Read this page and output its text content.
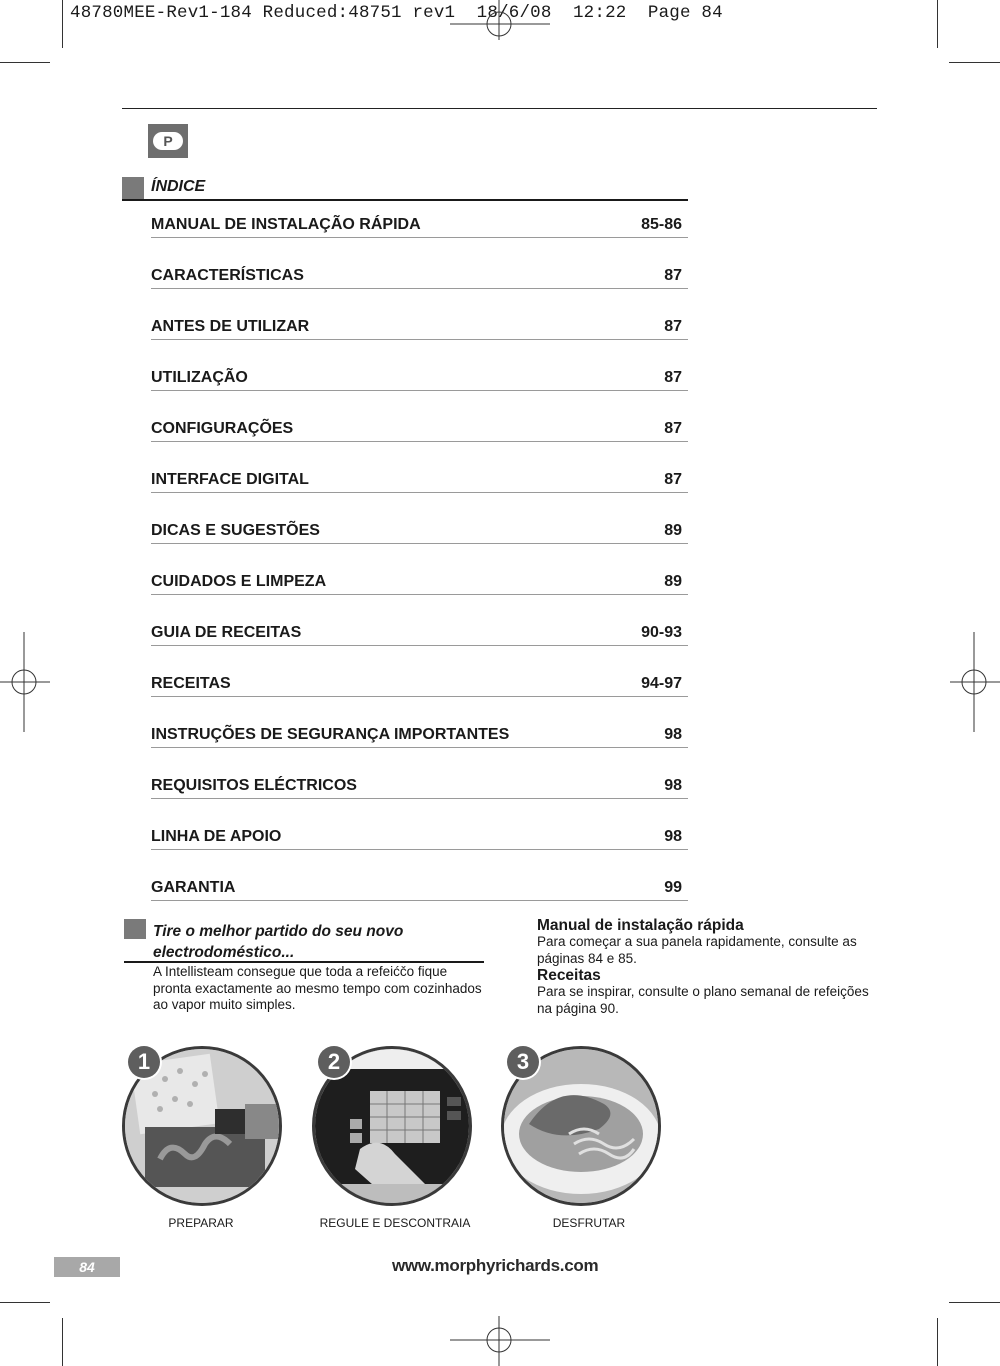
48780MEE-Rev1-184 Reduced:48751 rev1  18/6/08  12:22  Page 84
P
ÍNDICE
MANUAL DE INSTALAÇÃO RÁPIDA	85-86
CARACTERÍSTICAS	87
ANTES DE UTILIZAR	87
UTILIZAÇÃO	87
CONFIGURAÇÕES	87
INTERFACE DIGITAL	87
DICAS E SUGESTÕES	89
CUIDADOS E LIMPEZA	89
GUIA DE RECEITAS	90-93
RECEITAS	94-97
INSTRUÇÕES DE SEGURANÇA IMPORTANTES	98
REQUISITOS ELÉCTRICOS	98
LINHA DE APOIO	98
GARANTIA	99
Tire o melhor partido do seu novo electrodoméstico...
A Intellisteam consegue que toda a refeićčo fique pronta exactamente ao mesmo tempo com cozinhados ao vapor muito simples.
Manual de instalação rápida

Para começar a sua panela rapidamente, consulte as páginas 84 e 85.

Receitas

Para se inspirar, consulte o plano semanal de refeições na página 90.

1
PREPARAR
2
REGULE E DESCONTRAIA
3
DESFRUTAR
84	www.morphyrichards.com
